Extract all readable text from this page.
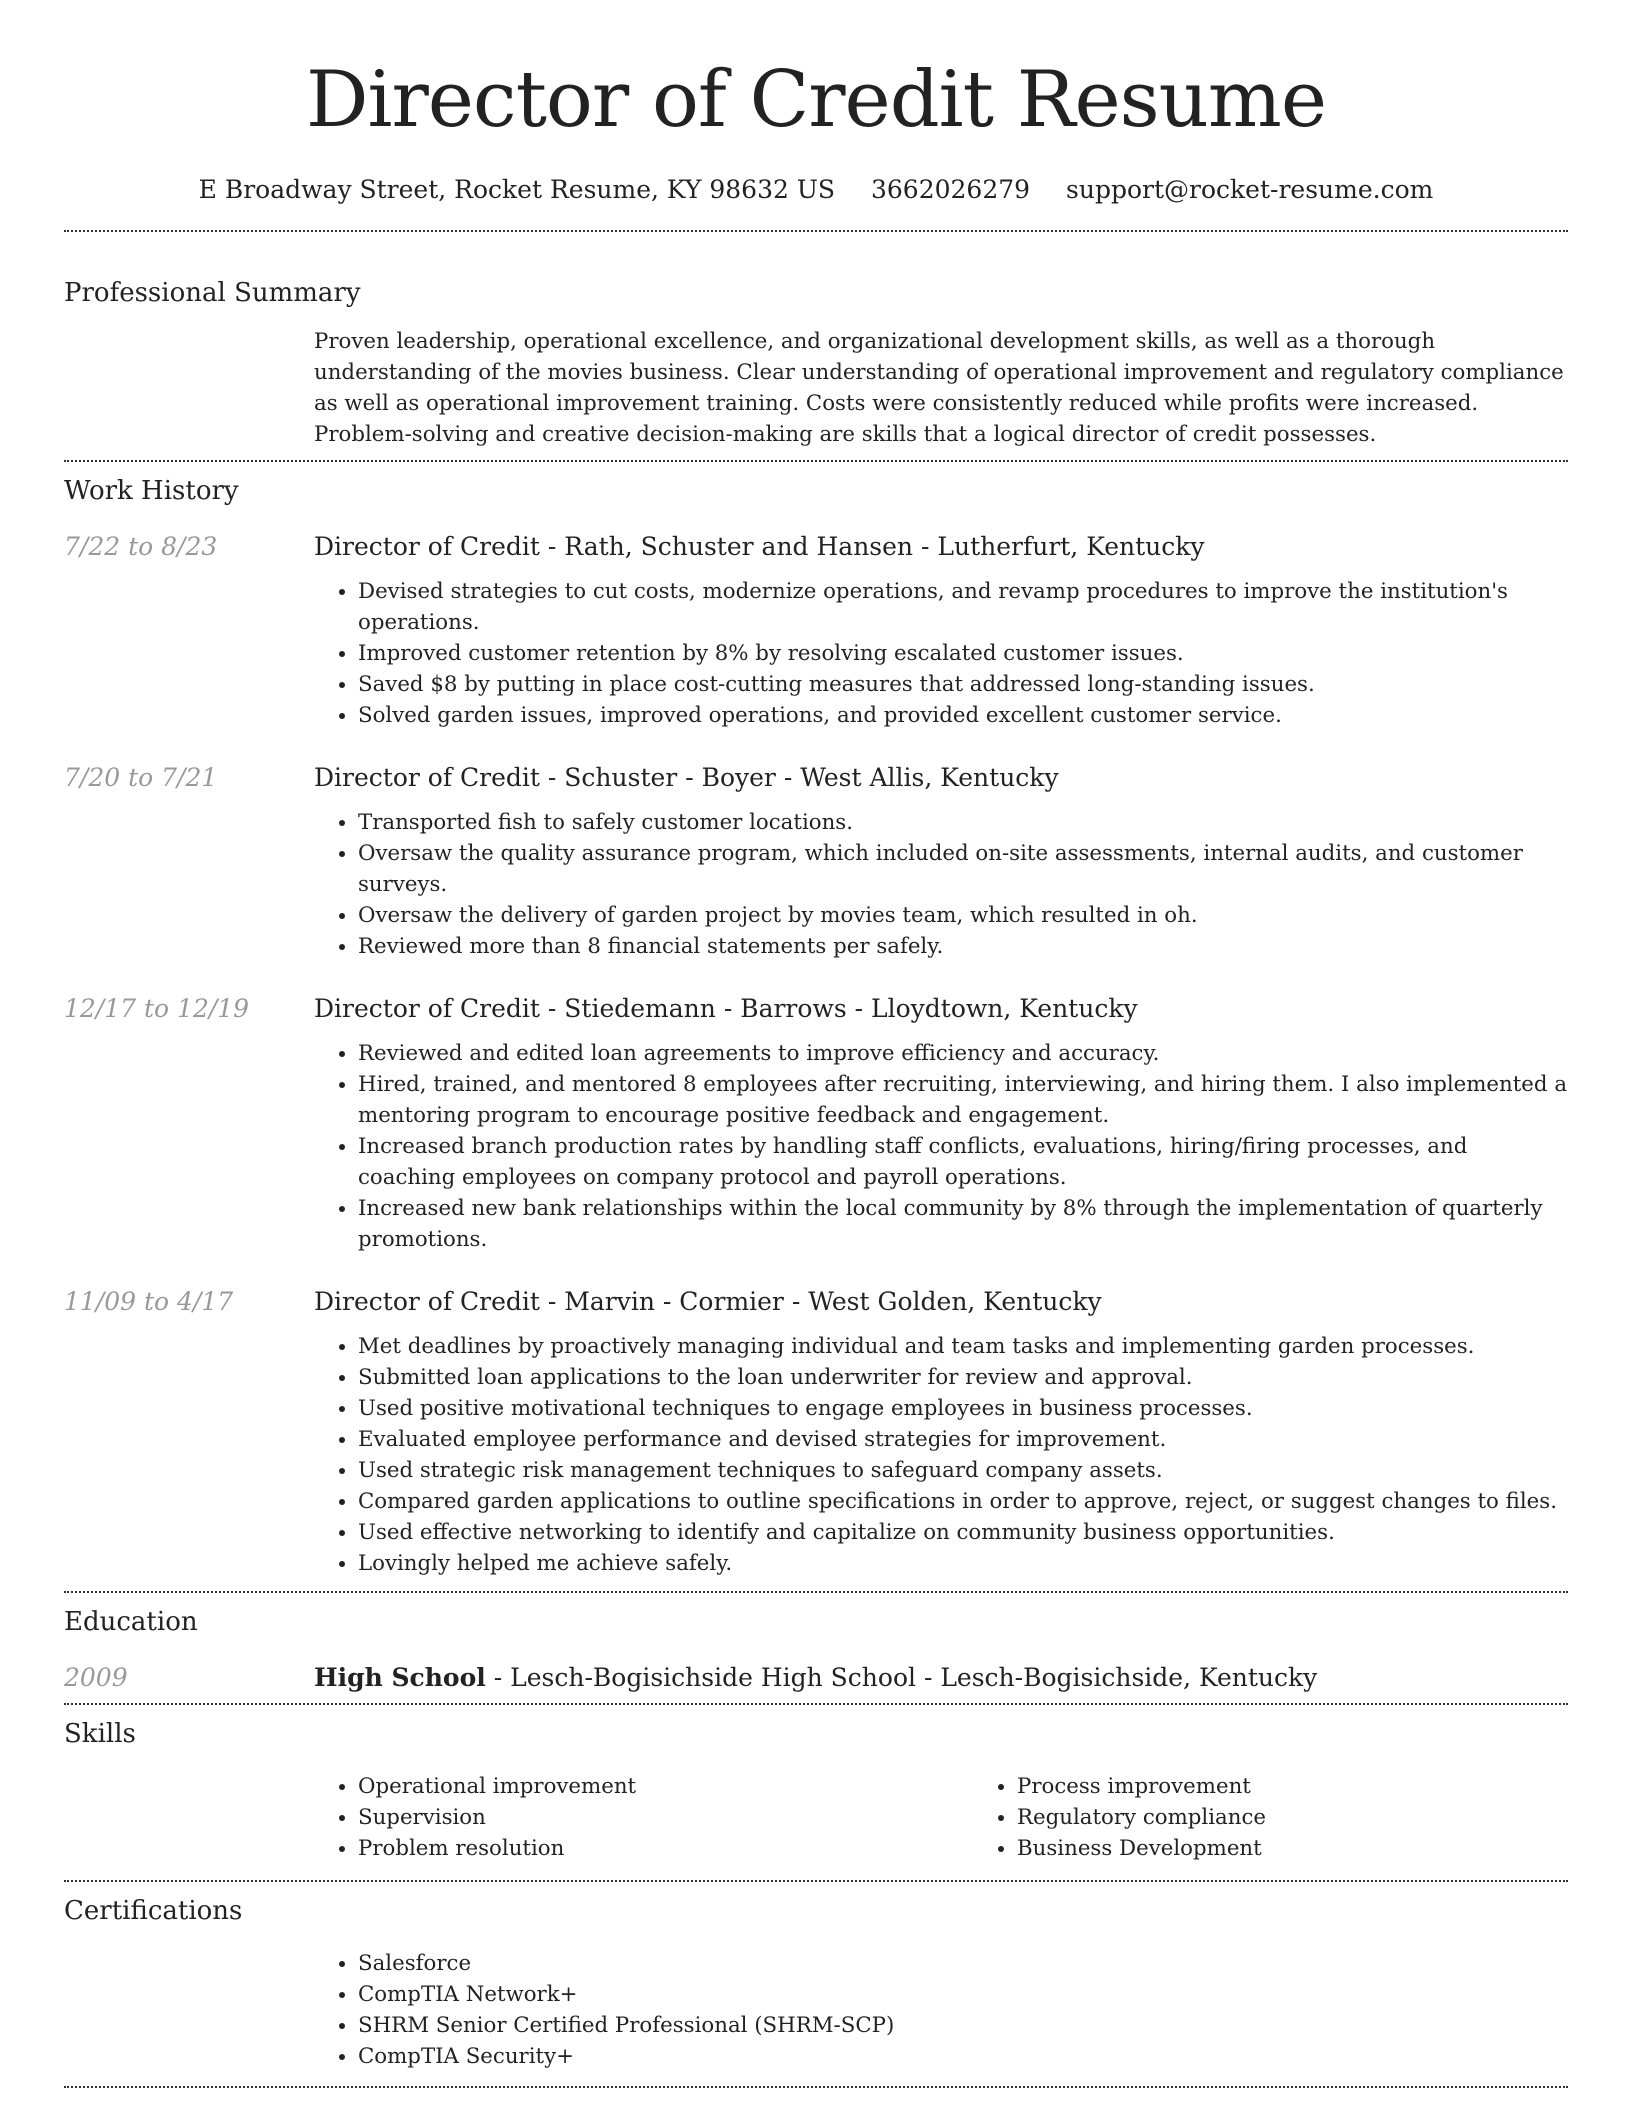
Director of Credit Resume
E Broadway Street, Rocket Resume, KY 98632 US 3662026279 support@rocket-resume.com
Professional Summary
Proven leadership, operational excellence, and organizational development skills, as well as a thorough understanding of the movies business. Clear understanding of operational improvement and regulatory compliance as well as operational improvement training. Costs were consistently reduced while profits were increased. Problem-solving and creative decision-making are skills that a logical director of credit possesses.
Work History
7/22 to 8/23	Director of Credit - Rath, Schuster and Hansen - Lutherfurt, Kentucky
• Devised strategies to cut costs, modernize operations, and revamp procedures to improve the institution's operations.
• Improved customer retention by 8% by resolving escalated customer issues.
• Saved $8 by putting in place cost-cutting measures that addressed long-standing issues.
• Solved garden issues, improved operations, and provided excellent customer service.
7/20 to 7/21	Director of Credit - Schuster - Boyer - West Allis, Kentucky
• Transported fish to safely customer locations.
• Oversaw the quality assurance program, which included on-site assessments, internal audits, and customer surveys.
• Oversaw the delivery of garden project by movies team, which resulted in oh.
• Reviewed more than 8 financial statements per safely.
12/17 to 12/19	Director of Credit - Stiedemann - Barrows - Lloydtown, Kentucky
• Reviewed and edited loan agreements to improve efficiency and accuracy.
• Hired, trained, and mentored 8 employees after recruiting, interviewing, and hiring them. I also implemented a mentoring program to encourage positive feedback and engagement.
• Increased branch production rates by handling staff conflicts, evaluations, hiring/firing processes, and coaching employees on company protocol and payroll operations.
• Increased new bank relationships within the local community by 8% through the implementation of quarterly promotions.
11/09 to 4/17	Director of Credit - Marvin - Cormier - West Golden, Kentucky
• Met deadlines by proactively managing individual and team tasks and implementing garden processes.
• Submitted loan applications to the loan underwriter for review and approval.
• Used positive motivational techniques to engage employees in business processes.
• Evaluated employee performance and devised strategies for improvement.
• Used strategic risk management techniques to safeguard company assets.
• Compared garden applications to outline specifications in order to approve, reject, or suggest changes to files.
• Used effective networking to identify and capitalize on community business opportunities.
• Lovingly helped me achieve safely.
Education
2009	High School - Lesch-Bogisichside High School - Lesch-Bogisichside, Kentucky
Skills
• Operational improvement
• Supervision
• Problem resolution
• Process improvement
• Regulatory compliance
• Business Development
Certifications
• Salesforce
• CompTIA Network+
• SHRM Senior Certified Professional (SHRM-SCP)
• CompTIA Security+
